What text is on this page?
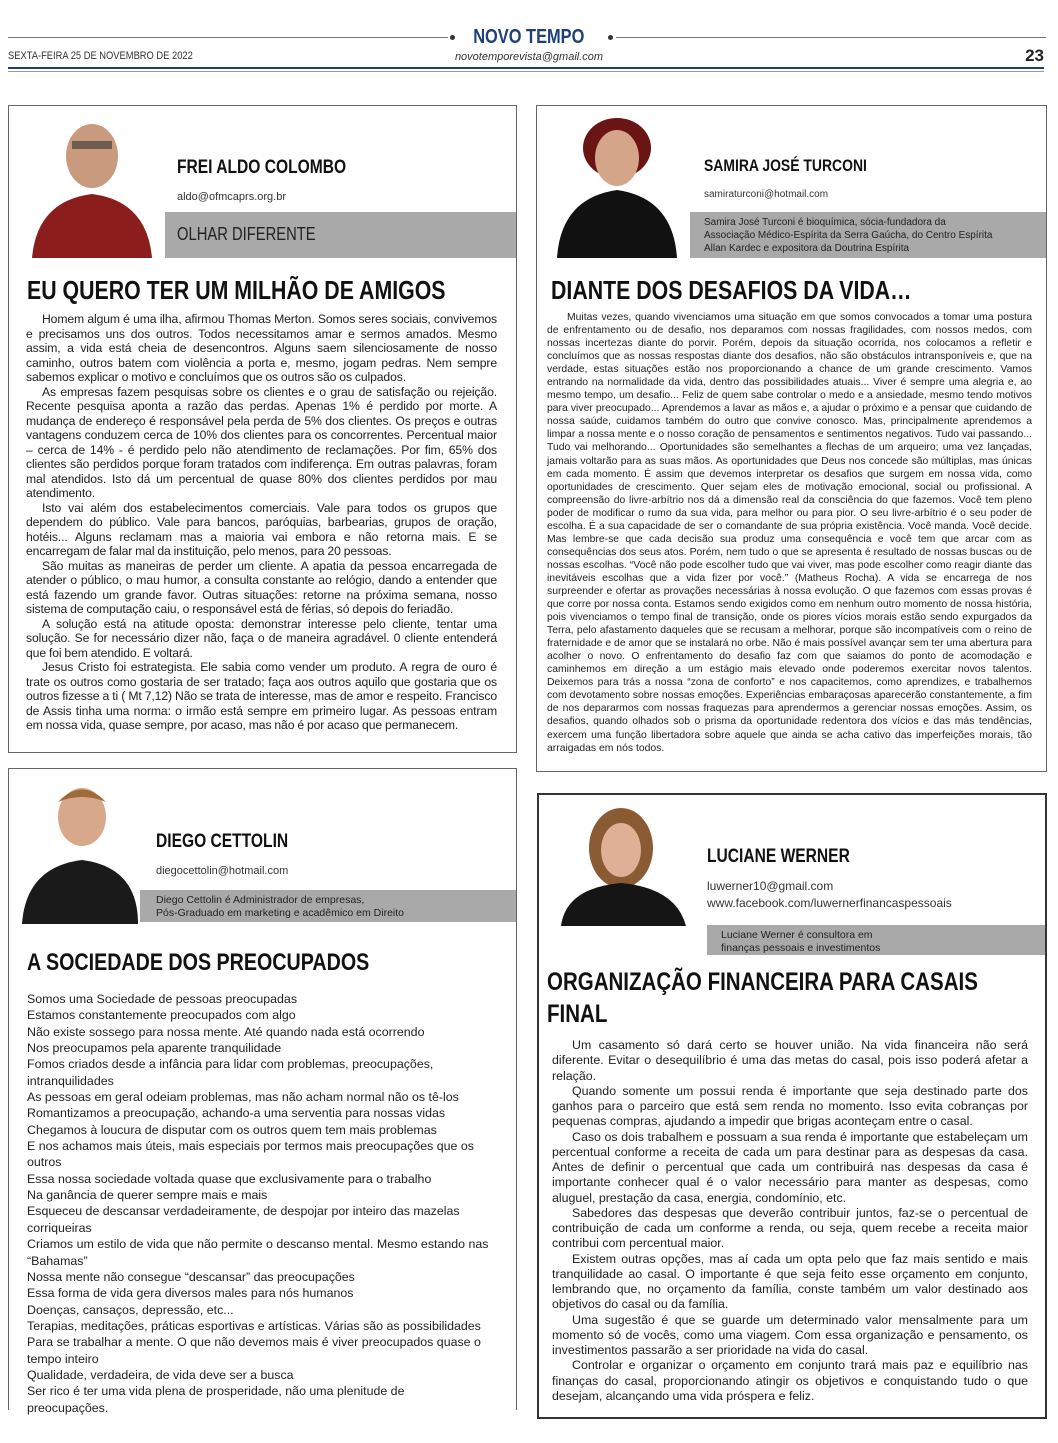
NOVO TEMPO
SEXTA-FEIRA 25 DE NOVEMBRO DE 2022	novotemporevista@gmail.com	23
FREI ALDO COLOMBO
aldo@ofmcaprs.org.br
OLHAR DIFERENTE
EU QUERO TER UM MILHÃO DE AMIGOS

Homem algum é uma ilha, afirmou Thomas Merton. Somos seres sociais, convivemos e precisamos uns dos outros. Todos necessitamos amar e sermos amados. Mesmo assim, a vida está cheia de desencontros. Alguns saem silenciosamente de nosso caminho, outros batem com violência a porta e, mesmo, jogam pedras. Nem sempre sabemos explicar o motivo e concluímos que os outros são os culpados.

As empresas fazem pesquisas sobre os clientes e o grau de satisfação ou rejeição. Recente pesquisa aponta a razão das perdas. Apenas 1% é perdido por morte. A mudança de endereço é responsável pela perda de 5% dos clientes. Os preços e outras vantagens conduzem cerca de 10% dos clientes para os concorrentes. Percentual maior – cerca de 14% - é perdido pelo não atendimento de reclamações. Por fim, 65% dos clientes são perdidos porque foram tratados com indiferença. Em outras palavras, foram mal atendidos. Isto dá um percentual de quase 80% dos clientes perdidos por mau atendimento.

Isto vai além dos estabelecimentos comerciais. Vale para todos os grupos que dependem do público. Vale para bancos, paróquias, barbearias, grupos de oração, hotéis... Alguns reclamam mas a maioria vai embora e não retorna mais. E se encarregam de falar mal da instituição, pelo menos, para 20 pessoas.

São muitas as maneiras de perder um cliente. A apatia da pessoa encarregada de atender o público, o mau humor, a consulta constante ao relógio, dando a entender que está fazendo um grande favor. Outras situações: retorne na próxima semana, nosso sistema de computação caiu, o responsável está de férias, só depois do feriadão.

A solução está na atitude oposta: demonstrar interesse pelo cliente, tentar uma solução. Se for necessário dizer não, faça o de maneira agradável. 0 cliente entenderá que foi bem atendido. E voltará.

Jesus Cristo foi estrategista. Ele sabia como vender um produto. A regra de ouro é trate os outros como gostaria de ser tratado; faça aos outros aquilo que gostaria que os outros fizesse a ti ( Mt 7,12) Não se trata de interesse, mas de amor e respeito. Francisco de Assis tinha uma norma: o irmão está sempre em primeiro lugar. As pessoas entram em nossa vida, quase sempre, por acaso, mas não é por acaso que permanecem.

SAMIRA JOSÉ TURCONI
samiraturconi@hotmail.com
Samira José Turconi é bioquímica, sócia-fundadora da Associação Médico-Espírita da Serra Gaúcha, do Centro Espírita Allan Kardec e expositora da Doutrina Espírita
DIANTE DOS DESAFIOS DA VIDA…

Muitas vezes, quando vivenciamos uma situação em que somos convocados a tomar uma postura de enfrentamento ou de desafio, nos deparamos com nossas fragilidades, com nossos medos, com nossas incertezas diante do porvir. Porém, depois da situação ocorrida, nos colocamos a refletir e concluímos que as nossas respostas diante dos desafios, não são obstáculos intransponíveis e, que na verdade, estas situações estão nos proporcionando a chance de um grande crescimento. Vamos entrando na normalidade da vida, dentro das possibilidades atuais... Viver é sempre uma alegria e, ao mesmo tempo, um desafio... Feliz de quem sabe controlar o medo e a ansiedade, mesmo tendo motivos para viver preocupado... Aprendemos a lavar as mãos e, a ajudar o próximo e a pensar que cuidando de nossa saúde, cuidamos também do outro que convive conosco. Mas, principalmente aprendemos a limpar a nossa mente e o nosso coração de pensamentos e sentimentos negativos. Tudo vai passando... Tudo vai melhorando... Oportunidades são semelhantes a flechas de um arqueiro; uma vez lançadas, jamais voltarão para as suas mãos. As oportunidades que Deus nos concede são múltiplas, mas únicas em cada momento. É assim que devemos interpretar os desafios que surgem em nossa vida, como oportunidades de crescimento. Quer sejam eles de motivação emocional, social ou profissional. A compreensão do livre-arbítrio nos dá a dimensão real da consciência do que fazemos. Você tem pleno poder de modificar o rumo da sua vida, para melhor ou para pior. O seu livre-arbítrio é o seu poder de escolha. É a sua capacidade de ser o comandante de sua própria existência. Você manda. Você decide. Mas lembre-se que cada decisão sua produz uma consequência e você tem que arcar com as consequências dos seus atos. Porém, nem tudo o que se apresenta é resultado de nossas buscas ou de nossas escolhas. “Você não pode escolher tudo que vai viver, mas pode escolher como reagir diante das inevitáveis escolhas que a vida fizer por você.” (Matheus Rocha). A vida se encarrega de nos surpreender e ofertar as provações necessárias à nossa evolução. O que fazemos com essas provas é que corre por nossa conta. Estamos sendo exigidos como em nenhum outro momento de nossa história, pois vivenciamos o tempo final de transição, onde os piores vícios morais estão sendo expurgados da Terra, pelo afastamento daqueles que se recusam a melhorar, porque são incompatíveis com o reino de fraternidade e de amor que se instalará no orbe. Não é mais possível avançar sem ter uma abertura para acolher o novo. O enfrentamento do desafio faz com que saiamos do ponto de acomodação e caminhemos em direção a um estágio mais elevado onde poderemos exercitar novos talentos. Deixemos para trás a nossa “zona de conforto” e nos capacitemos, como aprendizes, e trabalhemos com devotamento sobre nossas emoções. Experiências embaraçosas aparecerão constantemente, a fim de nos depararmos com nossas fraquezas para aprendermos a gerenciar nossas emoções. Assim, os desafios, quando olhados sob o prisma da oportunidade redentora dos vícios e das más tendências, exercem uma função libertadora sobre aquele que ainda se acha cativo das imperfeições morais, tão arraigadas em nós todos.

DIEGO CETTOLIN
diegocettolin@hotmail.com
Diego Cettolin é Administrador de empresas,
Pós-Graduado em marketing e acadêmico em Direito
A SOCIEDADE DOS PREOCUPADOS
Somos uma Sociedade de pessoas preocupadas
Estamos constantemente preocupados com algo
Não existe sossego para nossa mente. Até quando nada está ocorrendo
Nos preocupamos pela aparente tranquilidade
Fomos criados desde a infância para lidar com problemas, preocupações, intranquilidades
As pessoas em geral odeiam problemas, mas não acham normal não os tê-los
Romantizamos a preocupação, achando-a uma serventia para nossas vidas
Chegamos à loucura de disputar com os outros quem tem mais problemas
E nos achamos mais úteis, mais especiais por termos mais preocupações que os outros
Essa nossa sociedade voltada quase que exclusivamente para o trabalho
Na ganância de querer sempre mais e mais
Esqueceu de descansar verdadeiramente, de despojar por inteiro das mazelas corriqueiras
Criamos um estilo de vida que não permite o descanso mental. Mesmo estando nas “Bahamas”
Nossa mente não consegue “descansar” das preocupações
Essa forma de vida gera diversos males para nós humanos
Doenças, cansaços, depressão, etc...
Terapias, meditações, práticas esportivas e artísticas. Várias são as possibilidades
Para se trabalhar a mente. O que não devemos mais é viver preocupados quase o tempo inteiro
Qualidade, verdadeira, de vida deve ser a busca
Ser rico é ter uma vida plena de prosperidade, não uma plenitude de preocupações.
LUCIANE WERNER
luwerner10@gmail.com
www.facebook.com/luwernerfinancaspessoais
Luciane Werner é consultora em
finanças pessoais e investimentos
ORGANIZAÇÃO FINANCEIRA PARA CASAIS
FINAL

Um casamento só dará certo se houver união. Na vida financeira não será diferente. Evitar o desequilíbrio é uma das metas do casal, pois isso poderá afetar a relação.

Quando somente um possui renda é importante que seja destinado parte dos ganhos para o parceiro que está sem renda no momento. Isso evita cobranças por pequenas compras, ajudando a impedir que brigas aconteçam entre o casal.

Caso os dois trabalhem e possuam a sua renda é importante que estabeleçam um percentual conforme a receita de cada um para destinar para as despesas da casa. Antes de definir o percentual que cada um contribuirá nas despesas da casa é importante conhecer qual é o valor necessário para manter as despesas, como aluguel, prestação da casa, energia, condomínio, etc.

Sabedores das despesas que deverão contribuir juntos, faz-se o percentual de contribuição de cada um conforme a renda, ou seja, quem recebe a receita maior contribui com percentual maior.

Existem outras opções, mas aí cada um opta pelo que faz mais sentido e mais tranquilidade ao casal. O importante é que seja feito esse orçamento em conjunto, lembrando que, no orçamento da família, conste também um valor destinado aos objetivos do casal ou da família.

Uma sugestão é que se guarde um determinado valor mensalmente para um momento só de vocês, como uma viagem. Com essa organização e pensamento, os investimentos passarão a ser prioridade na vida do casal.

Controlar e organizar o orçamento em conjunto trará mais paz e equilíbrio nas finanças do casal, proporcionando atingir os objetivos e conquistando tudo o que desejam, alcançando uma vida próspera e feliz.
